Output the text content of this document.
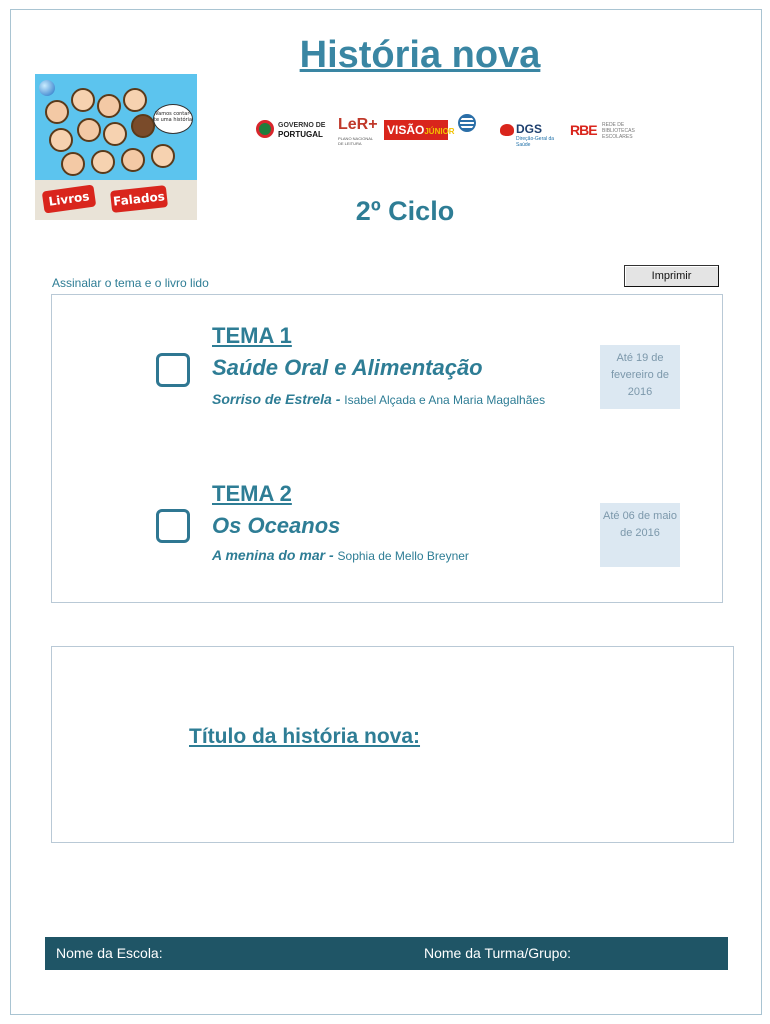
História nova
Vamos contar-te uma história
Livros	Falados
GOVERNO DE
PORTUGAL
LeR+
PLANO NACIONAL DE LEITURA
VISÃOJÚNIOR	DGS
Direção-Geral da Saúde
RBE REDE DE BIBLIOTECAS ESCOLARES
2º Ciclo
Assinalar o tema e o livro lido	Imprimir
TEMA 1
Saúde Oral e Alimentação
Sorriso de Estrela - Isabel Alçada e Ana Maria Magalhães
Até 19 de fevereiro de 2016
TEMA 2
Os Oceanos
A menina do mar - Sophia de Mello Breyner
Até 06 de maio de 2016
Título da história nova:
Nome da Escola:	Nome da Turma/Grupo:
